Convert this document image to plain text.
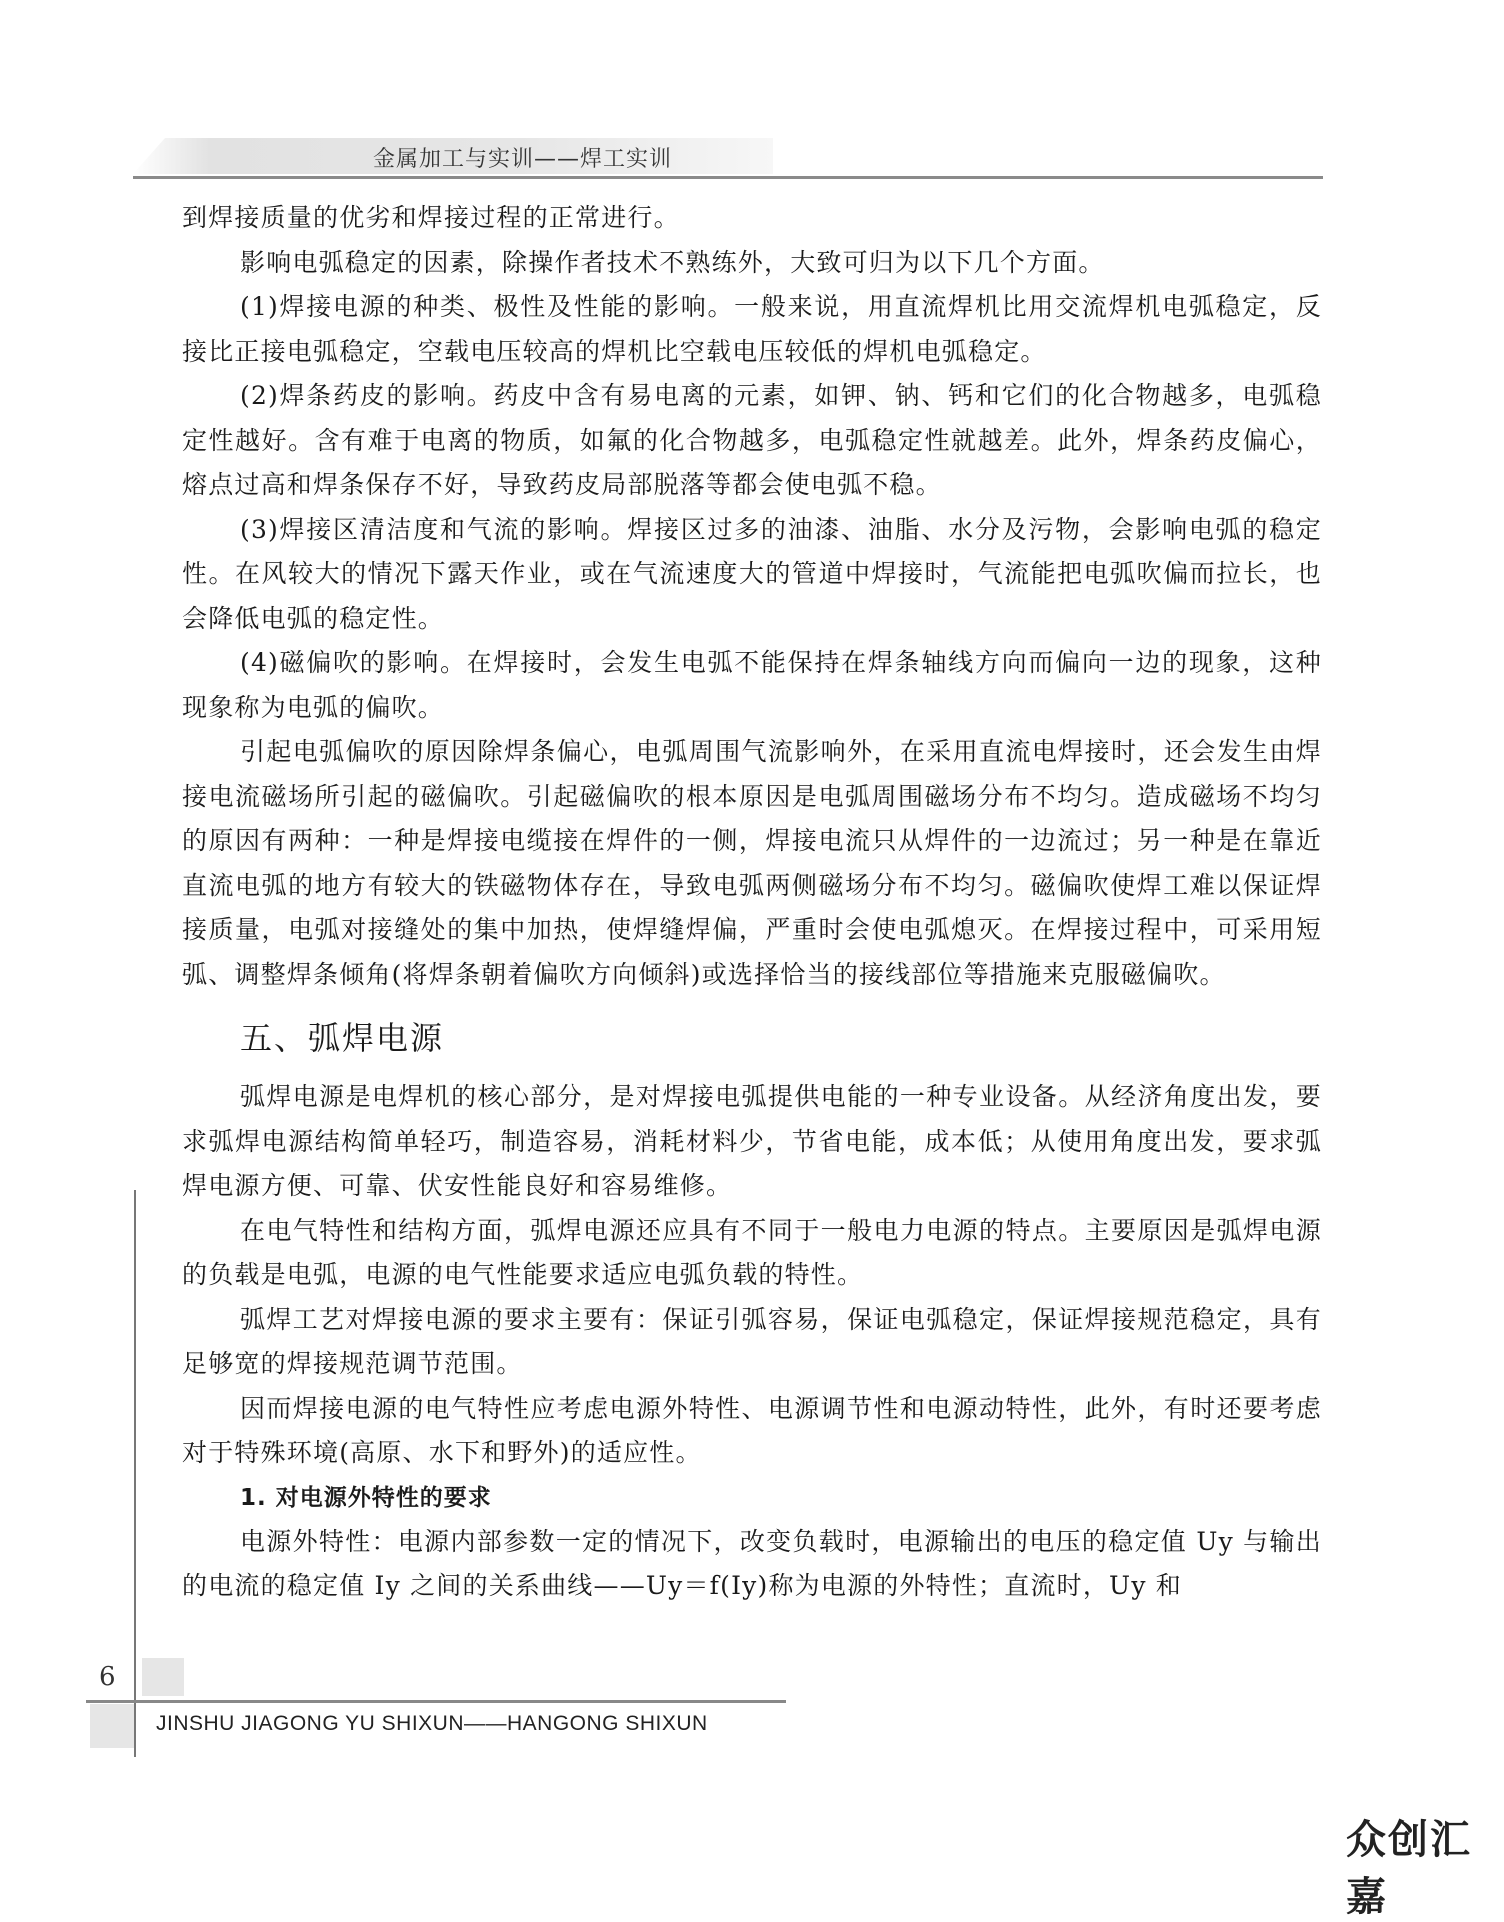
金属加工与实训——焊工实训

到焊接质量的优劣和焊接过程的正常进行。

影响电弧稳定的因素，除操作者技术不熟练外，大致可归为以下几个方面。

(1)焊接电源的种类、极性及性能的影响。一般来说，用直流焊机比用交流焊机电弧稳定，反接比正接电弧稳定，空载电压较高的焊机比空载电压较低的焊机电弧稳定。

(2)焊条药皮的影响。药皮中含有易电离的元素，如钾、钠、钙和它们的化合物越多，电弧稳定性越好。含有难于电离的物质，如氟的化合物越多，电弧稳定性就越差。此外，焊条药皮偏心，熔点过高和焊条保存不好，导致药皮局部脱落等都会使电弧不稳。

(3)焊接区清洁度和气流的影响。焊接区过多的油漆、油脂、水分及污物，会影响电弧的稳定性。在风较大的情况下露天作业，或在气流速度大的管道中焊接时，气流能把电弧吹偏而拉长，也会降低电弧的稳定性。

(4)磁偏吹的影响。在焊接时，会发生电弧不能保持在焊条轴线方向而偏向一边的现象，这种现象称为电弧的偏吹。

引起电弧偏吹的原因除焊条偏心，电弧周围气流影响外，在采用直流电焊接时，还会发生由焊接电流磁场所引起的磁偏吹。引起磁偏吹的根本原因是电弧周围磁场分布不均匀。造成磁场不均匀的原因有两种：一种是焊接电缆接在焊件的一侧，焊接电流只从焊件的一边流过；另一种是在靠近直流电弧的地方有较大的铁磁物体存在，导致电弧两侧磁场分布不均匀。磁偏吹使焊工难以保证焊接质量，电弧对接缝处的集中加热，使焊缝焊偏，严重时会使电弧熄灭。在焊接过程中，可采用短弧、调整焊条倾角(将焊条朝着偏吹方向倾斜)或选择恰当的接线部位等措施来克服磁偏吹。

五、弧焊电源

弧焊电源是电焊机的核心部分，是对焊接电弧提供电能的一种专业设备。从经济角度出发，要求弧焊电源结构简单轻巧，制造容易，消耗材料少，节省电能，成本低；从使用角度出发，要求弧焊电源方便、可靠、伏安性能良好和容易维修。

在电气特性和结构方面，弧焊电源还应具有不同于一般电力电源的特点。主要原因是弧焊电源的负载是电弧，电源的电气性能要求适应电弧负载的特性。

弧焊工艺对焊接电源的要求主要有：保证引弧容易，保证电弧稳定，保证焊接规范稳定，具有足够宽的焊接规范调节范围。

因而焊接电源的电气特性应考虑电源外特性、电源调节性和电源动特性，此外，有时还要考虑对于特殊环境(高原、水下和野外)的适应性。

1. 对电源外特性的要求

电源外特性：电源内部参数一定的情况下，改变负载时，电源输出的电压的稳定值 Uy 与输出的电流的稳定值 Iy 之间的关系曲线——Uy＝f(Iy)称为电源的外特性；直流时，Uy 和

6
JINSHU JIAGONG YU SHIXUN——HANGONG SHIXUN
众创汇嘉
